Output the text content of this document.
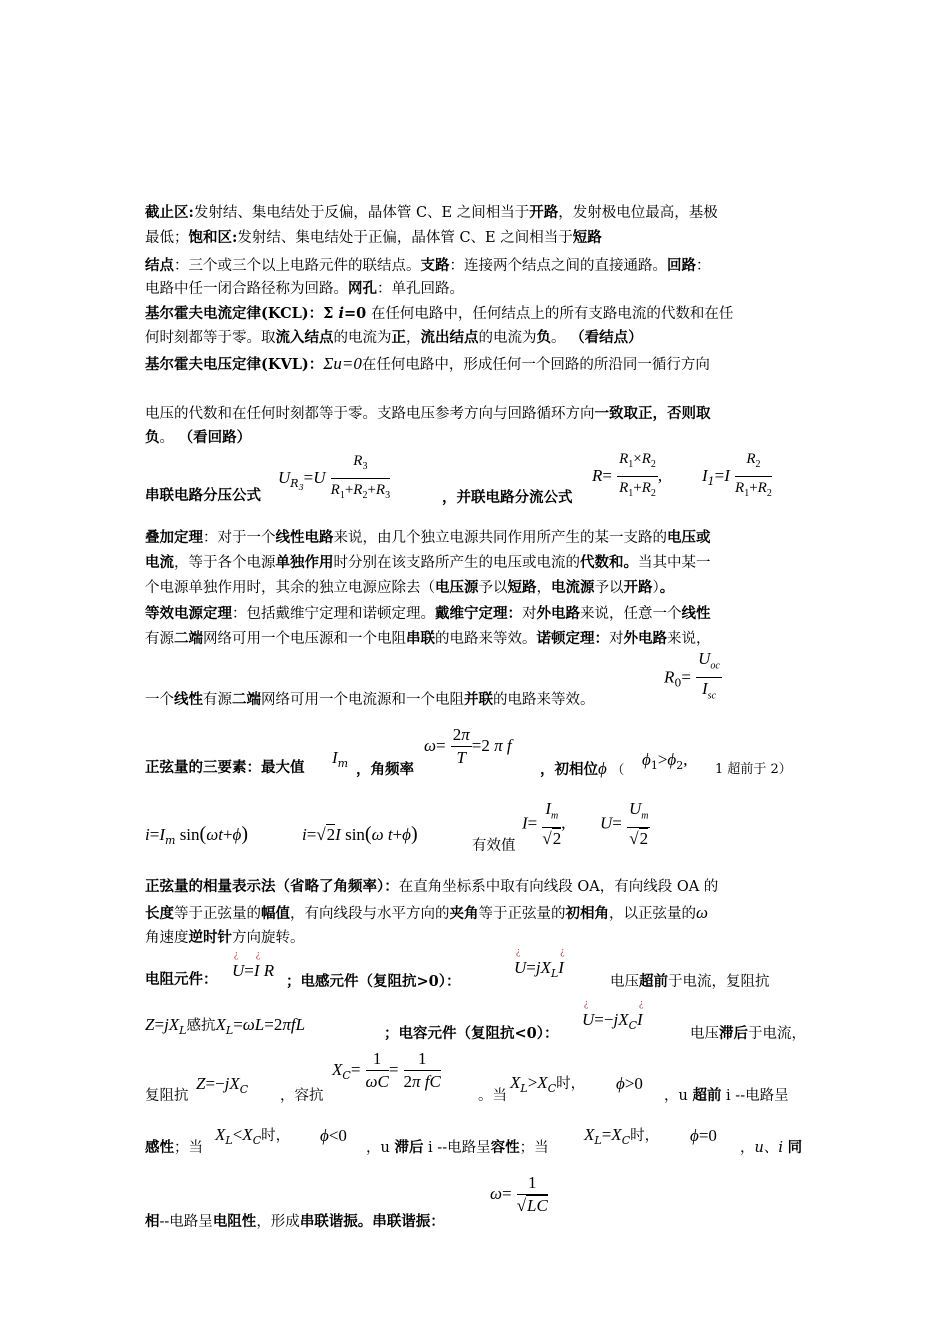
截止区:发射结、集电结处于反偏，晶体管 C、E 之间相当于开路，发射极电位最高，基极
最低；饱和区:发射结、集电结处于正偏，晶体管 C、E 之间相当于短路
结点：三个或三个以上电路元件的联结点。支路：连接两个结点之间的直接通路。回路：
电路中任一闭合路径称为回路。网孔：单孔回路。
基尔霍夫电流定律(KCL)：Σ i=0 在任何电路中，任何结点上的所有支路电流的代数和在任
何时刻都等于零。取流入结点的电流为正，流出结点的电流为负。 （看结点）
基尔霍夫电压定律(KVL)：Σu=0在任何电路中，形成任何一个回路的所沿同一循行方向
电压的代数和在任何时刻都等于零。支路电压参考方向与回路循环方向一致取正，否则取
负。 （看回路）
串联电路分压公式
$U_{R_3}=U \frac{R_3}{R_1+R_2+R_3}$	，并联电路分流公式
$R= \frac{R_1\times R_2}{R_1+R_2}$ , $I_1=I \frac{R_2}{R_1+R_2}$
叠加定理：对于一个线性电路来说，由几个独立电源共同作用所产生的某一支路的电压或
电流，等于各个电源单独作用时分别在该支路所产生的电压或电流的代数和。当其中某一
个电源单独作用时，其余的独立电源应除去（电压源予以短路，电流源予以开路）。
等效电源定理：包括戴维宁定理和诺顿定理。戴维宁定理：对外电路来说，任意一个线性
有源二端网络可用一个电压源和一个电阻串联的电路来等效。诺顿定理：对外电路来说，
一个线性有源二端网络可用一个电流源和一个电阻并联的电路来等效。
$R_0= \frac{U_{oc}}{I_{sc}}$
正弦量的三要素：最大值
$I_m$ ，角频率
$\omega= \frac{2\pi}{T} =2$ π f
，初相位ϕ （
$\phi_1>\phi_2$,
1 超前于 2）
$i=I_m$ sin(ωt+ϕ)	i=√2I sin(ω t+ϕ)
有效值
$I= \frac{I_m}{√2}$ , $U= \frac{U_m}{√2}$
正弦量的相量表示法（省略了角频率）：在直角坐标系中取有向线段 OA，有向线段 OA 的
长度等于正弦量的幅值，有向线段与水平方向的夹角等于正弦量的初相角，以正弦量的ω
角速度逆时针方向旋转。
电阻元件：
¿ U=¿ I R
；电感元件（复阻抗>0）：
¿ $U=jX_L¿$ I
电压超前于电流，复阻抗
$Z=jX_L$感抗$X_L=\omega L=2\pi fL$	；电容元件（复阻抗<0）：
¿ $U=-jX_C¿$ I
电压滞后于电流，
复阻抗
$Z=-jX_C$ ，容抗
$X_C= \frac{1}{\omega C} = \frac{1}{\text{2π fC}}$
。当
$X_L>X_C$时， ϕ>0
，u 超前 i --电路呈
感性；当
$X_L<X_C$时， ϕ<0
，u 滞后 i --电路呈容性；当
$X_L=X_C$时， ϕ=0
，u、i 同
相--电路呈电阻性，形成串联谐振。串联谐振：
$\omega= \frac{1}{√LC}$
